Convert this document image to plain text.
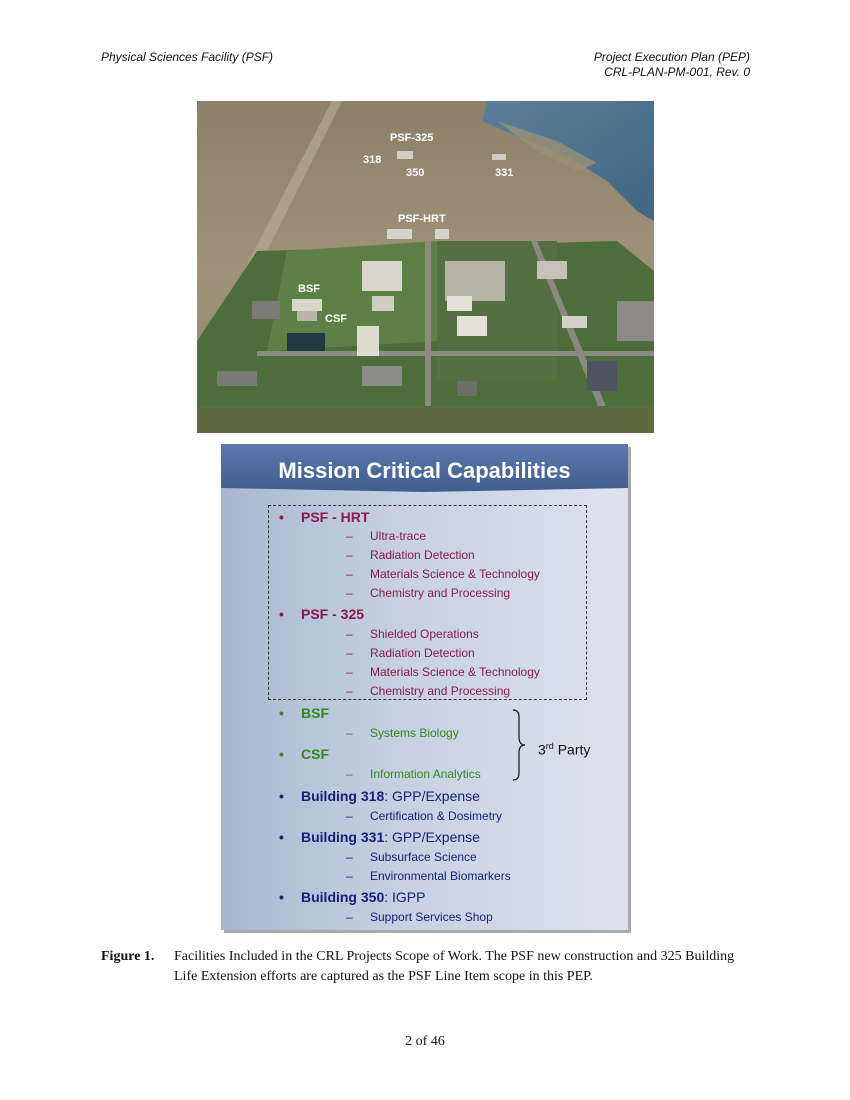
Physical Sciences Facility (PSF)	Project Execution Plan (PEP)
CRL-PLAN-PM-001, Rev. 0
PSF-325
318
350	331
PSF-HRT
BSF
CSF
Mission Critical Capabilities
• PSF - HRT
– Ultra-trace
– Radiation Detection
– Materials Science & Technology
– Chemistry and Processing
• PSF - 325
– Shielded Operations
– Radiation Detection
– Materials Science & Technology
– Chemistry and Processing
• BSF
– Systems Biology
• CSF
– Information Analytics
3rd Party
• Building 318: GPP/Expense
– Certification & Dosimetry
• Building 331: GPP/Expense
– Subsurface Science
– Environmental Biomarkers
• Building 350: IGPP
– Support Services Shop
Figure 1. Facilities Included in the CRL Projects Scope of Work. The PSF new construction and 325 Building Life Extension efforts are captured as the PSF Line Item scope in this PEP.
2 of 46
